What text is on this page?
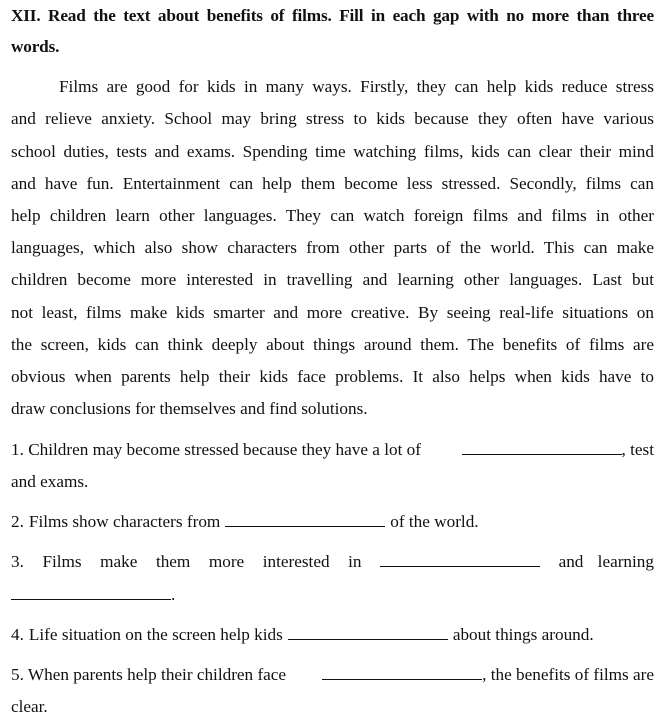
XII. Read the text about benefits of films. Fill in each gap with no more than three
words.
Films are good for kids in many ways. Firstly, they can help kids reduce stress
and relieve anxiety. School may bring stress to kids because they often have various
school duties, tests and exams. Spending time watching films, kids can clear their mind
and have fun. Entertainment can help them become less stressed. Secondly, films can
help children learn other languages. They can watch foreign films and films in other
languages, which also show characters from other parts of the world. This can make
children become more interested in travelling and learning other languages. Last but
not least, films make kids smarter and more creative. By seeing real-life situations on
the screen, kids can think deeply about things around them. The benefits of films are
obvious when parents help their kids face problems. It also helps when kids have to
draw conclusions for themselves and find solutions.
1. Children may become stressed because they have a lot of	, test
and exams.
2. Films show characters from	of the world.
3. Films make them more interested in	and learning
.
4. Life situation on the screen help kids	about things around.
5. When parents help their children face	, the benefits of films are
clear.
